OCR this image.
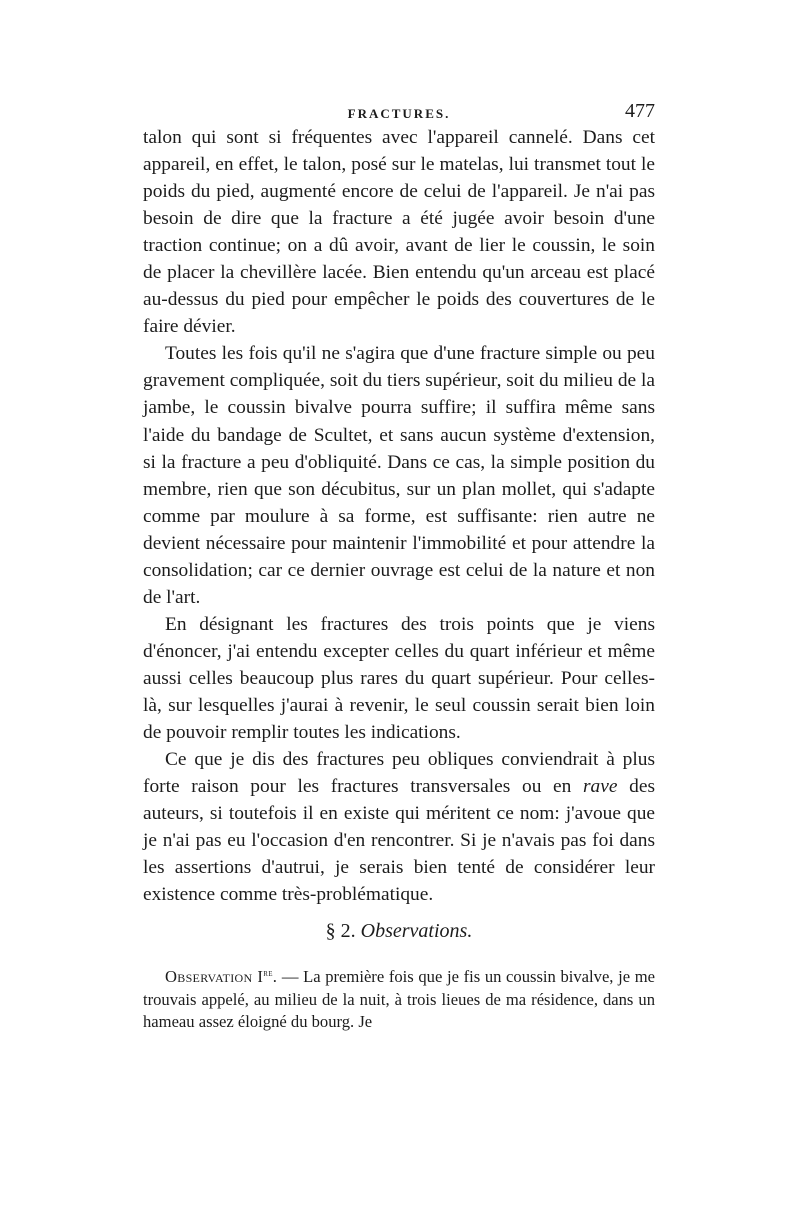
FRACTURES.	477

talon qui sont si fréquentes avec l'appareil cannelé. Dans cet appareil, en effet, le talon, posé sur le matelas, lui transmet tout le poids du pied, augmenté encore de celui de l'appareil. Je n'ai pas besoin de dire que la fracture a été jugée avoir besoin d'une traction continue; on a dû avoir, avant de lier le coussin, le soin de placer la chevillère lacée. Bien entendu qu'un arceau est placé au-dessus du pied pour empêcher le poids des couvertures de le faire dévier.

Toutes les fois qu'il ne s'agira que d'une fracture simple ou peu gravement compliquée, soit du tiers supérieur, soit du milieu de la jambe, le coussin bivalve pourra suffire; il suffira même sans l'aide du bandage de Scultet, et sans aucun système d'extension, si la fracture a peu d'obliquité. Dans ce cas, la simple position du membre, rien que son décubitus, sur un plan mollet, qui s'adapte comme par moulure à sa forme, est suffisante: rien autre ne devient nécessaire pour maintenir l'immobilité et pour attendre la consolidation; car ce dernier ouvrage est celui de la nature et non de l'art.

En désignant les fractures des trois points que je viens d'énoncer, j'ai entendu excepter celles du quart inférieur et même aussi celles beaucoup plus rares du quart supérieur. Pour celles-là, sur lesquelles j'aurai à revenir, le seul coussin serait bien loin de pouvoir remplir toutes les indications.

Ce que je dis des fractures peu obliques conviendrait à plus forte raison pour les fractures transversales ou en rave des auteurs, si toutefois il en existe qui méritent ce nom: j'avoue que je n'ai pas eu l'occasion d'en rencontrer. Si je n'avais pas foi dans les assertions d'autrui, je serais bien tenté de considérer leur existence comme très-problématique.

§ 2. Observations.

Observation Ire. — La première fois que je fis un coussin bivalve, je me trouvais appelé, au milieu de la nuit, à trois lieues de ma résidence, dans un hameau assez éloigné du bourg. Je
